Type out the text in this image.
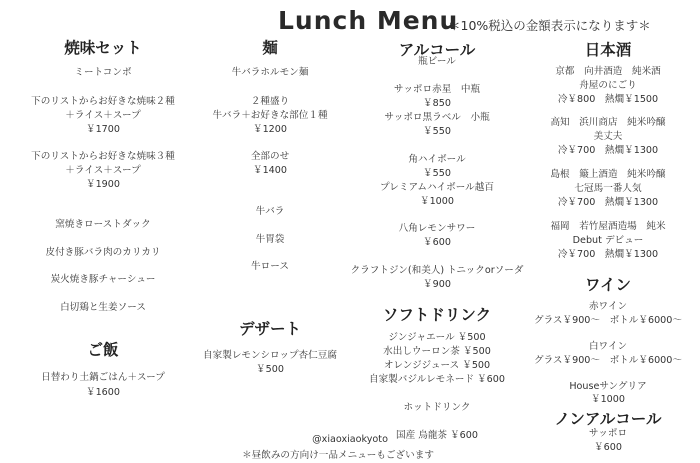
Lunch Menu
＊10%税込の金額表示になります＊
焼味セット
ミートコンボ
下のリストからお好きな焼味２種
＋ライス＋スープ
￥1700
下のリストからお好きな焼味３種
＋ライス＋スープ
￥1900
窯焼きローストダック
皮付き豚バラ肉のカリカリ
炭火焼き豚チャーシュー
白切鶏と生姜ソース
ご飯
日替わり土鍋ごはん＋スープ
￥1600
麺
牛バラホルモン麺
２種盛り
牛バラ＋お好きな部位１種
￥1200
全部のせ
￥1400
牛バラ
牛胃袋
牛ロース
デザート
自家製レモンシロップ杏仁豆腐
￥500
アルコール
瓶ビール
サッポロ赤星　中瓶
￥850
サッポロ黒ラベル　小瓶
￥550
角ハイボール
￥550
プレミアムハイボール越百
￥1000
八角レモンサワー
￥600
クラフトジン(和美人) トニックorソーダ
￥900
ソフトドリンク
ジンジャエール ￥500
水出しウーロン茶 ￥500
オレンジジュース ￥500
自家製バジルレモネード ￥600
ホットドリンク
国産 烏龍茶 ￥600
日本酒
京都　向井酒造　純米酒
舟屋のにごり
冷￥800　熱燗￥1500
高知　浜川商店　純米吟醸
美丈夫
冷￥700　熱燗￥1300
島根　簸上酒造　純米吟醸
七冠馬一番人気
冷￥700　熱燗￥1300
福岡　若竹屋酒造場　純米
Debut デビュー
冷￥700　熱燗￥1300
ワイン
赤ワイン
グラス￥900〜　ボトル￥6000〜
白ワイン
グラス￥900〜　ボトル￥6000〜
Houseサングリア
￥1000
ノンアルコール
サッポロ
￥600
@xiaoxiaokyoto
＊昼飲みの方向け一品メニューもございます
